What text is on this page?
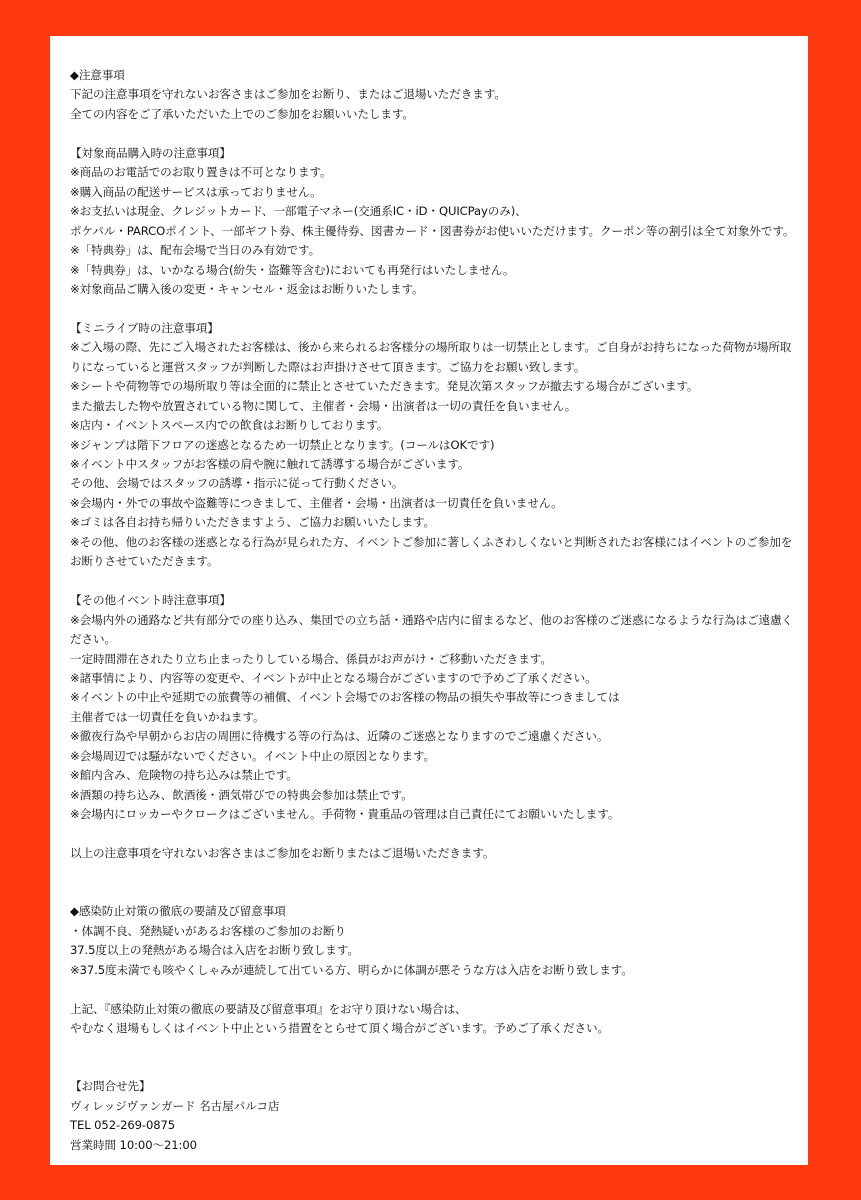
◆注意事項
下記の注意事項を守れないお客さまはご参加をお断り、またはご退場いただきます。
全ての内容をご了承いただいた上でのご参加をお願いいたします。
【対象商品購入時の注意事項】
※商品のお電話でのお取り置きは不可となります。
※購入商品の配送サービスは承っておりません。
※お支払いは現金、クレジットカード、一部電子マネー(交通系IC・iD・QUICPayのみ)、
ポケパル・PARCOポイント、一部ギフト券、株主優待券、図書カード・図書券がお使いいただけます。クーポン等の割引は全て対象外です。
※「特典券」は、配布会場で当日のみ有効です。
※「特典券」は、いかなる場合(紛失・盗難等含む)においても再発行はいたしません。
※対象商品ご購入後の変更・キャンセル・返金はお断りいたします。
【ミニライブ時の注意事項】
※ご入場の際、先にご入場されたお客様は、後から来られるお客様分の場所取りは一切禁止とします。ご自身がお持ちになった荷物が場所取りになっていると運営スタッフが判断した際はお声掛けさせて頂きます。ご協力をお願い致します。
※シートや荷物等での場所取り等は全面的に禁止とさせていただきます。発見次第スタッフが撤去する場合がございます。
また撤去した物や放置されている物に関して、主催者・会場・出演者は一切の責任を負いません。
※店内・イベントスペース内での飲食はお断りしております。
※ジャンプは階下フロアの迷惑となるため一切禁止となります。(コールはOKです)
※イベント中スタッフがお客様の肩や腕に触れて誘導する場合がございます。
その他、会場ではスタッフの誘導・指示に従って行動ください。
※会場内・外での事故や盗難等につきまして、主催者・会場・出演者は一切責任を負いません。
※ゴミは各自お持ち帰りいただきますよう、ご協力お願いいたします。
※その他、他のお客様の迷惑となる行為が見られた方、イベントご参加に著しくふさわしくないと判断されたお客様にはイベントのご参加をお断りさせていただきます。
【その他イベント時注意事項】
※会場内外の通路など共有部分での座り込み、集団での立ち話・通路や店内に留まるなど、他のお客様のご迷惑になるような行為はご遠慮ください。
一定時間滞在されたり立ち止まったりしている場合、係員がお声がけ・ご移動いただきます。
※諸事情により、内容等の変更や、イベントが中止となる場合がございますので予めご了承ください。
※イベントの中止や延期での旅費等の補償、イベント会場でのお客様の物品の損失や事故等につきましては
主催者では一切責任を負いかねます。
※徹夜行為や早朝からお店の周囲に待機する等の行為は、近隣のご迷惑となりますのでご遠慮ください。
※会場周辺では騒がないでください。イベント中止の原因となります。
※館内含み、危険物の持ち込みは禁止です。
※酒類の持ち込み、飲酒後・酒気帯びでの特典会参加は禁止です。
※会場内にロッカーやクロークはございません。手荷物・貴重品の管理は自己責任にてお願いいたします。
以上の注意事項を守れないお客さまはご参加をお断りまたはご退場いただきます。
◆感染防止対策の徹底の要請及び留意事項
・体調不良、発熱疑いがあるお客様のご参加のお断り
37.5度以上の発熱がある場合は入店をお断り致します。
※37.5度未満でも咳やくしゃみが連続して出ている方、明らかに体調が悪そうな方は入店をお断り致します。
上記、『感染防止対策の徹底の要請及び留意事項』をお守り頂けない場合は、
やむなく退場もしくはイベント中止という措置をとらせて頂く場合がございます。予めご了承ください。
【お問合せ先】
ヴィレッジヴァンガード 名古屋パルコ店
TEL 052-269-0875
営業時間 10:00～21:00
